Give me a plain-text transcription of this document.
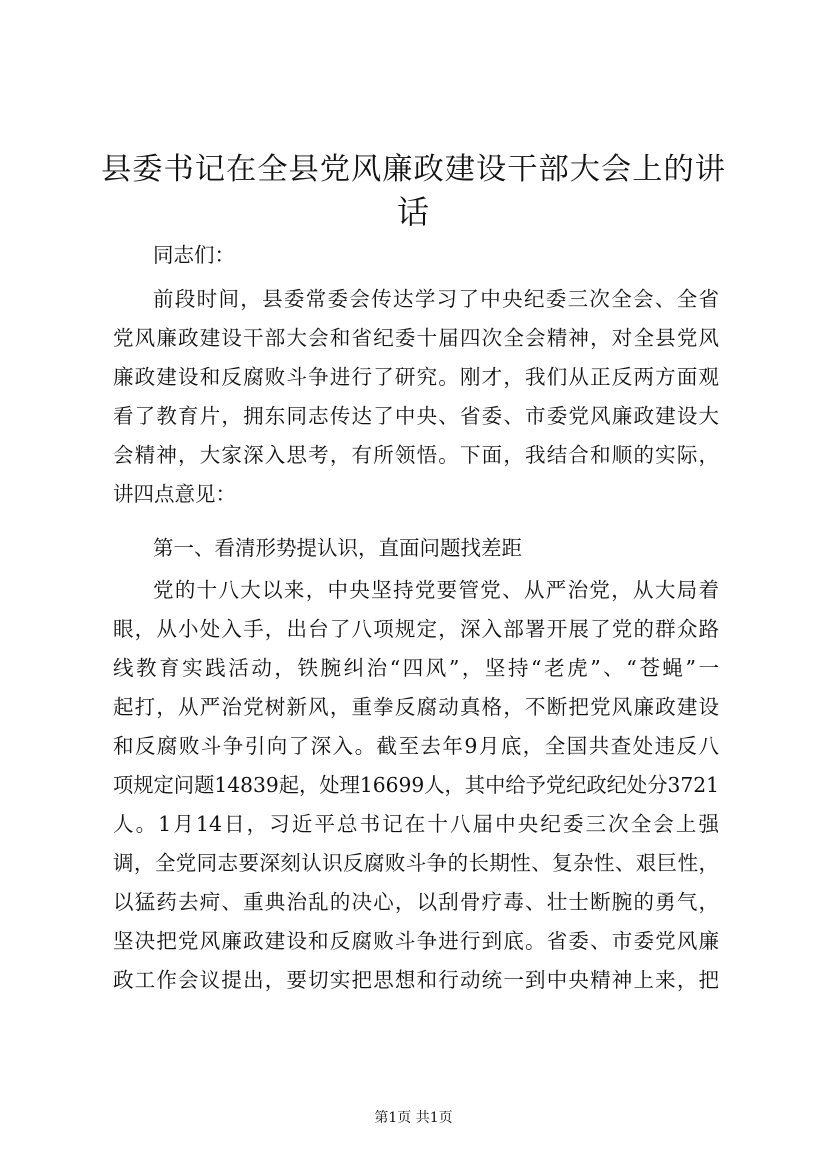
县委书记在全县党风廉政建设干部大会上的讲
话
同志们：
前段时间，县委常委会传达学习了中央纪委三次全会、全省
党风廉政建设干部大会和省纪委十届四次全会精神，对全县党风
廉政建设和反腐败斗争进行了研究。刚才，我们从正反两方面观
看了教育片，拥东同志传达了中央、省委、市委党风廉政建设大
会精神，大家深入思考，有所领悟。下面，我结合和顺的实际，
讲四点意见：
第一、看清形势提认识，直面问题找差距
党的十八大以来，中央坚持党要管党、从严治党，从大局着
眼，从小处入手，出台了八项规定，深入部署开展了党的群众路
线教育实践活动，铁腕纠治“四风”，坚持“老虎”、“苍蝇”一
起打，从严治党树新风，重拳反腐动真格，不断把党风廉政建设
和反腐败斗争引向了深入。截至去年9月底，全国共查处违反八
项规定问题14839起，处理16699人，其中给予党纪政纪处分3721
人。1月14日，习近平总书记在十八届中央纪委三次全会上强
调，全党同志要深刻认识反腐败斗争的长期性、复杂性、艰巨性，
以猛药去疴、重典治乱的决心，以刮骨疗毒、壮士断腕的勇气，
坚决把党风廉政建设和反腐败斗争进行到底。省委、市委党风廉
政工作会议提出，要切实把思想和行动统一到中央精神上来，把
第1页 共1页
